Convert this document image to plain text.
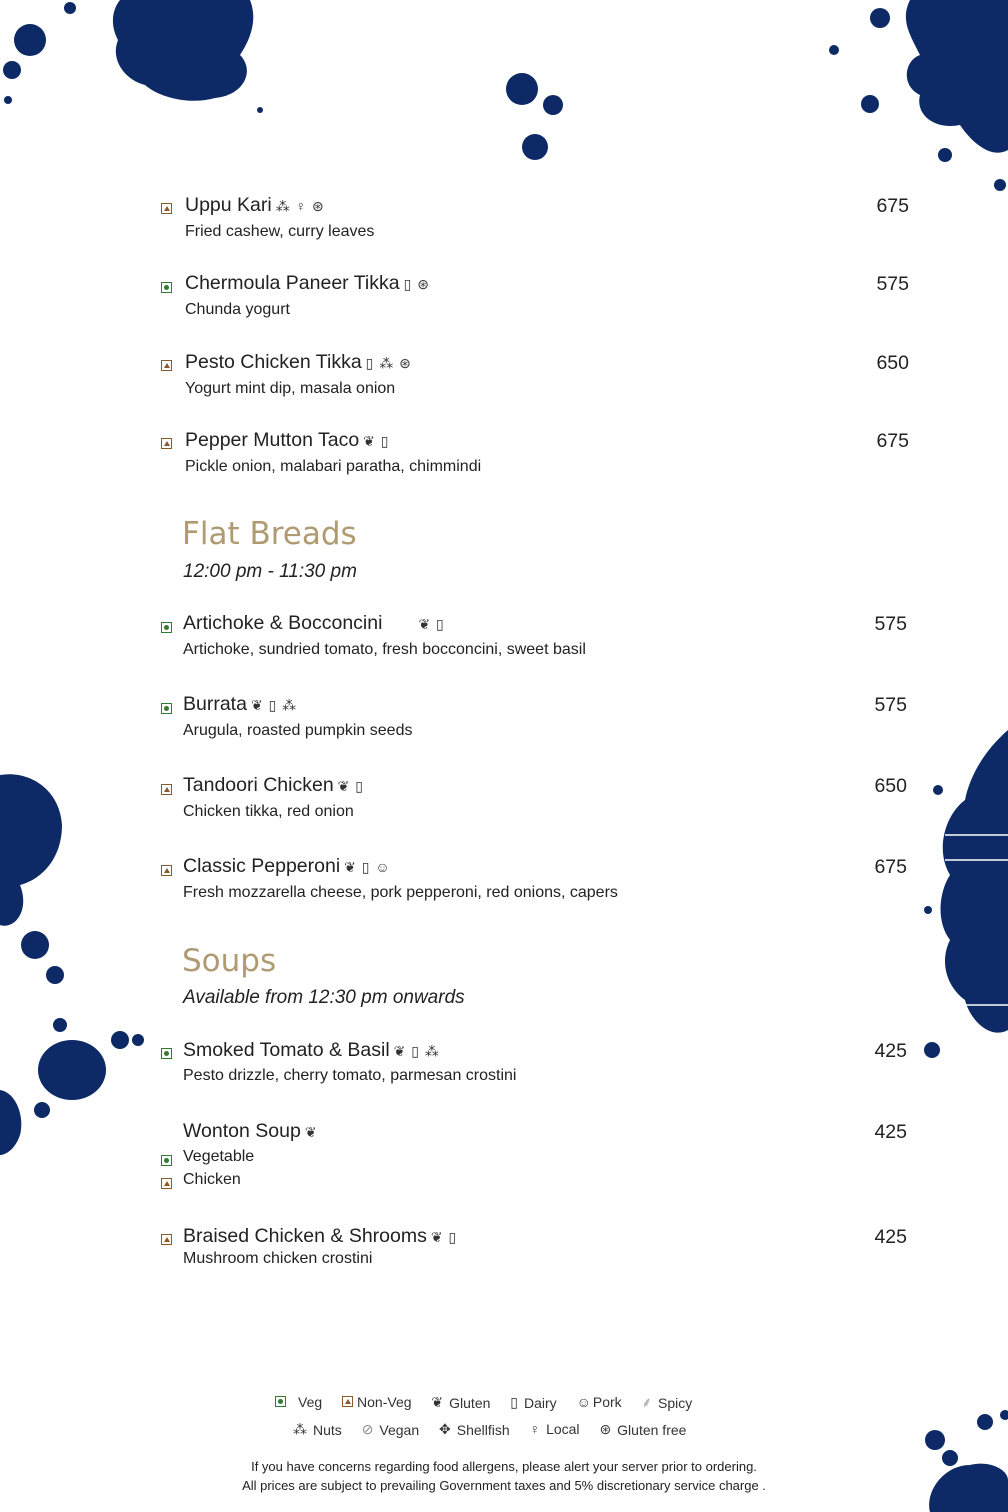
Uppu Kari ⁂ ♀ ⊛
Fried cashew, curry leaves
675
Chermoula Paneer Tikka ▯ ⊛
Chunda yogurt
575
Pesto Chicken Tikka ▯ ⁂ ⊛
Yogurt mint dip, masala onion
650
Pepper Mutton Taco ❦ ▯
Pickle onion, malabari paratha, chimmindi
675
Flat Breads
12:00 pm - 11:30 pm
Artichoke & Bocconcini	❦ ▯
Artichoke, sundried tomato, fresh bocconcini, sweet basil
575
Burrata ❦ ▯ ⁂
Arugula, roasted pumpkin seeds
575
Tandoori Chicken ❦ ▯
Chicken tikka, red onion
650
Classic Pepperoni ❦ ▯ ☺
Fresh mozzarella cheese, pork pepperoni, red onions, capers
675
Soups
Available from 12:30 pm onwards
Smoked Tomato & Basil ❦ ▯ ⁂
Pesto drizzle, cherry tomato, parmesan crostini
425
Wonton Soup ❦
Vegetable
Chicken
425
Braised Chicken & Shrooms ❦ ▯
Mushroom chicken crostini
425
Veg
Non-Veg
❦ Gluten
▯ Dairy
☺ Pork
⸙ Spicy
⁂ Nuts
⊘ Vegan
✥ Shellfish
♀ Local
⊛ Gluten free
If you have concerns regarding food allergens, please alert your server prior to ordering.
All prices are subject to prevailing Government taxes and 5% discretionary service charge .
